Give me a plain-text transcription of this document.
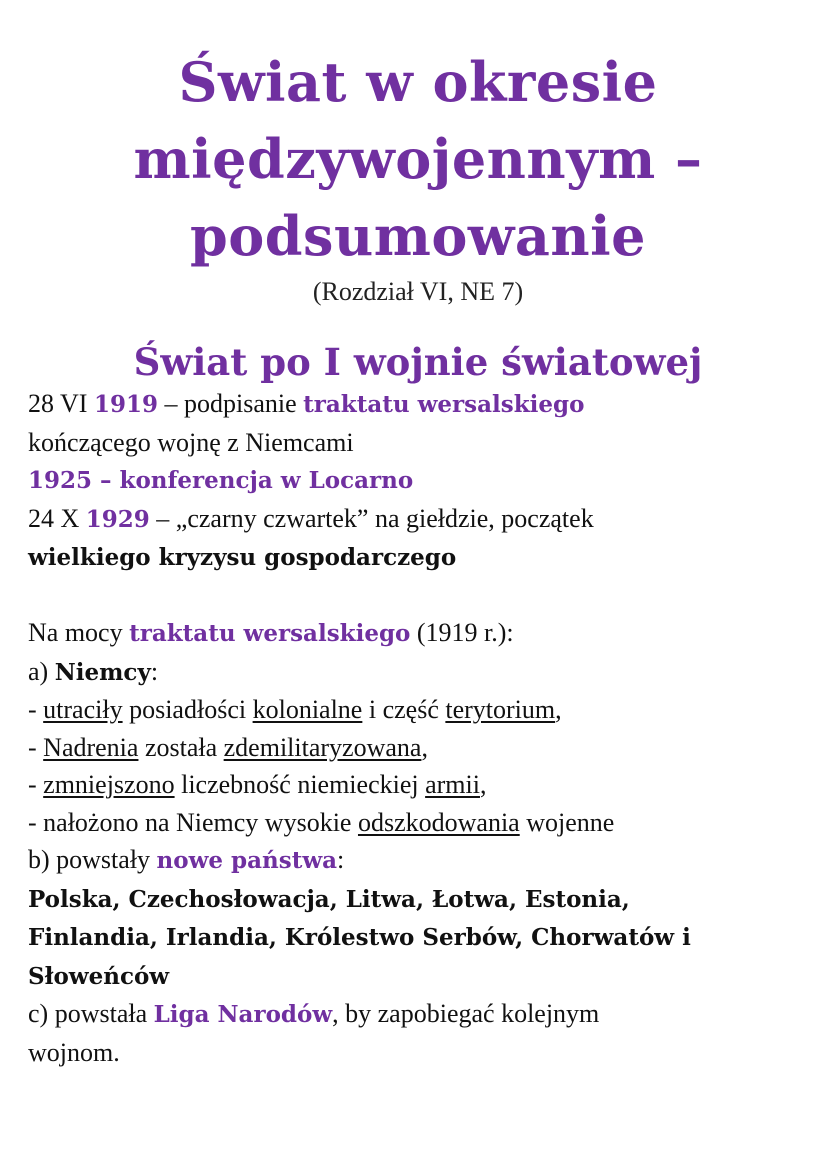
Świat w okresie
międzywojennym –
podsumowanie

(Rozdział VI, NE 7)

Świat po I wojnie światowej

28 VI 1919 – podpisanie traktatu wersalskiego

kończącego wojnę z Niemcami

1925 – konferencja w Locarno

24 X 1929 – „czarny czwartek” na giełdzie, początek

wielkiego kryzysu gospodarczego

Na mocy traktatu wersalskiego (1919 r.):

a) Niemcy:

- utraciły posiadłości kolonialne i część terytorium,

- Nadrenia została zdemilitaryzowana,

- zmniejszono liczebność niemieckiej armii,

- nałożono na Niemcy wysokie odszkodowania wojenne

b) powstały nowe państwa:

Polska, Czechosłowacja, Litwa, Łotwa, Estonia,

Finlandia, Irlandia, Królestwo Serbów, Chorwatów i

Słoweńców

c) powstała Liga Narodów, by zapobiegać kolejnym

wojnom.
